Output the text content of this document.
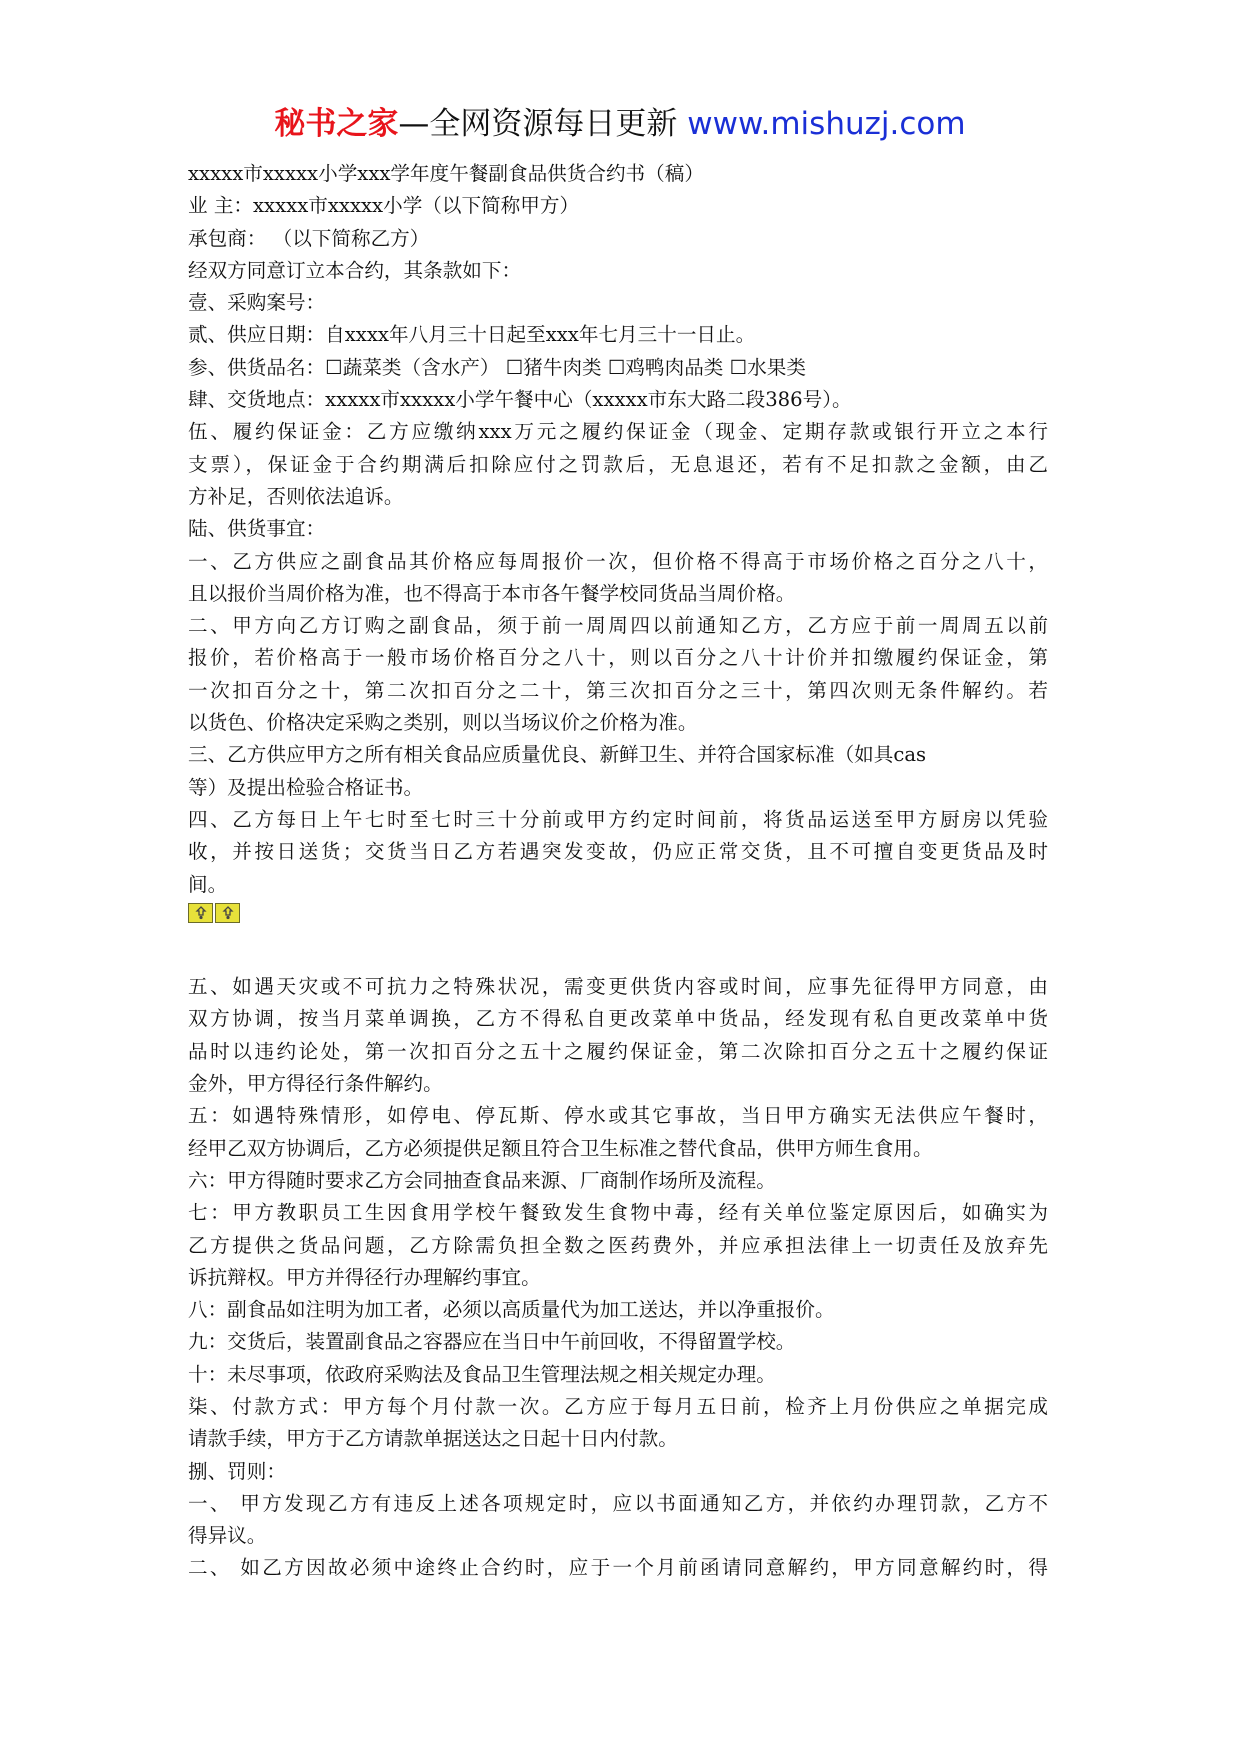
秘书之家—全网资源每日更新 www.mishuzj.com
xxxxx市xxxxx小学xxx学年度午餐副食品供货合约书（稿）
业 主：xxxxx市xxxxx小学（以下简称甲方）
承包商： （以下简称乙方）
经双方同意订立本合约，其条款如下：
壹、采购案号：
贰、供应日期：自xxxx年八月三十日起至xxx年七月三十一日止。
参、供货品名：☐蔬菜类（含水产） ☐猪牛肉类 ☐鸡鸭肉品类 ☐水果类
肆、交货地点：xxxxx市xxxxx小学午餐中心（xxxxx市东大路二段386号）。
伍、履约保证金：乙方应缴纳xxx万元之履约保证金（现金、定期存款或银行开立之本行
支票），保证金于合约期满后扣除应付之罚款后，无息退还，若有不足扣款之金额，由乙
方补足，否则依法追诉。
陆、供货事宜：
一、乙方供应之副食品其价格应每周报价一次，但价格不得高于市场价格之百分之八十，
且以报价当周价格为准，也不得高于本市各午餐学校同货品当周价格。
二、甲方向乙方订购之副食品，须于前一周周四以前通知乙方，乙方应于前一周周五以前
报价，若价格高于一般市场价格百分之八十，则以百分之八十计价并扣缴履约保证金，第
一次扣百分之十，第二次扣百分之二十，第三次扣百分之三十，第四次则无条件解约。若
以货色、价格决定采购之类别，则以当场议价之价格为准。
三、乙方供应甲方之所有相关食品应质量优良、新鲜卫生、并符合国家标准（如具cas
等）及提出检验合格证书。
四、乙方每日上午七时至七时三十分前或甲方约定时间前，将货品运送至甲方厨房以凭验
收，并按日送货；交货当日乙方若遇突发变故，仍应正常交货，且不可擅自变更货品及时
间。
五、如遇天灾或不可抗力之特殊状况，需变更供货内容或时间，应事先征得甲方同意，由
双方协调，按当月菜单调换，乙方不得私自更改菜单中货品，经发现有私自更改菜单中货
品时以违约论处，第一次扣百分之五十之履约保证金，第二次除扣百分之五十之履约保证
金外，甲方得径行条件解约。
五：如遇特殊情形，如停电、停瓦斯、停水或其它事故，当日甲方确实无法供应午餐时，
经甲乙双方协调后，乙方必须提供足额且符合卫生标准之替代食品，供甲方师生食用。
六：甲方得随时要求乙方会同抽查食品来源、厂商制作场所及流程。
七：甲方教职员工生因食用学校午餐致发生食物中毒，经有关单位鉴定原因后，如确实为
乙方提供之货品问题，乙方除需负担全数之医药费外，并应承担法律上一切责任及放弃先
诉抗辩权。甲方并得径行办理解约事宜。
八：副食品如注明为加工者，必须以高质量代为加工送达，并以净重报价。
九：交货后，装置副食品之容器应在当日中午前回收，不得留置学校。
十：未尽事项，依政府采购法及食品卫生管理法规之相关规定办理。
柒、付款方式：甲方每个月付款一次。乙方应于每月五日前，检齐上月份供应之单据完成
请款手续，甲方于乙方请款单据送达之日起十日内付款。
捌、罚则：
一、 甲方发现乙方有违反上述各项规定时，应以书面通知乙方，并依约办理罚款，乙方不
得异议。
二、 如乙方因故必须中途终止合约时，应于一个月前函请同意解约，甲方同意解约时，得
